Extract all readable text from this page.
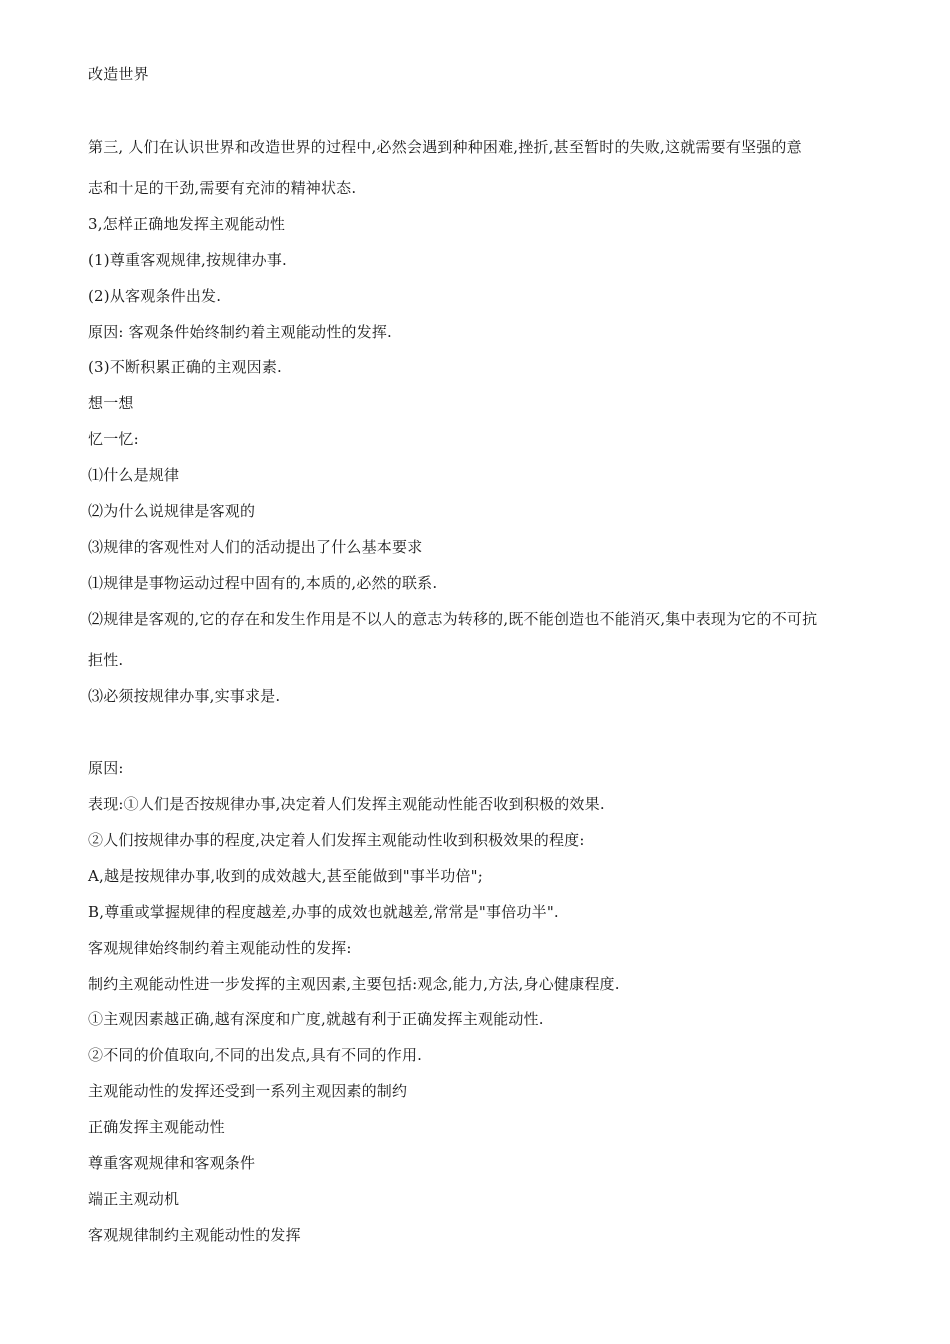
改造世界

第三, 人们在认识世界和改造世界的过程中,必然会遇到种种困难,挫折,甚至暂时的失败,这就需要有坚强的意

志和十足的干劲,需要有充沛的精神状态.

3,怎样正确地发挥主观能动性

(1)尊重客观规律,按规律办事.

(2)从客观条件出发.

原因: 客观条件始终制约着主观能动性的发挥.

(3)不断积累正确的主观因素.

想一想

忆一忆:

⑴什么是规律

⑵为什么说规律是客观的

⑶规律的客观性对人们的活动提出了什么基本要求

⑴规律是事物运动过程中固有的,本质的,必然的联系.

⑵规律是客观的,它的存在和发生作用是不以人的意志为转移的,既不能创造也不能消灭,集中表现为它的不可抗

拒性.

⑶必须按规律办事,实事求是.

原因:

表现:①人们是否按规律办事,决定着人们发挥主观能动性能否收到积极的效果.

②人们按规律办事的程度,决定着人们发挥主观能动性收到积极效果的程度:

A,越是按规律办事,收到的成效越大,甚至能做到"事半功倍";

B,尊重或掌握规律的程度越差,办事的成效也就越差,常常是"事倍功半".

客观规律始终制约着主观能动性的发挥:

制约主观能动性进一步发挥的主观因素,主要包括:观念,能力,方法,身心健康程度.

①主观因素越正确,越有深度和广度,就越有利于正确发挥主观能动性.

②不同的价值取向,不同的出发点,具有不同的作用.

主观能动性的发挥还受到一系列主观因素的制约

正确发挥主观能动性

尊重客观规律和客观条件

端正主观动机

客观规律制约主观能动性的发挥
